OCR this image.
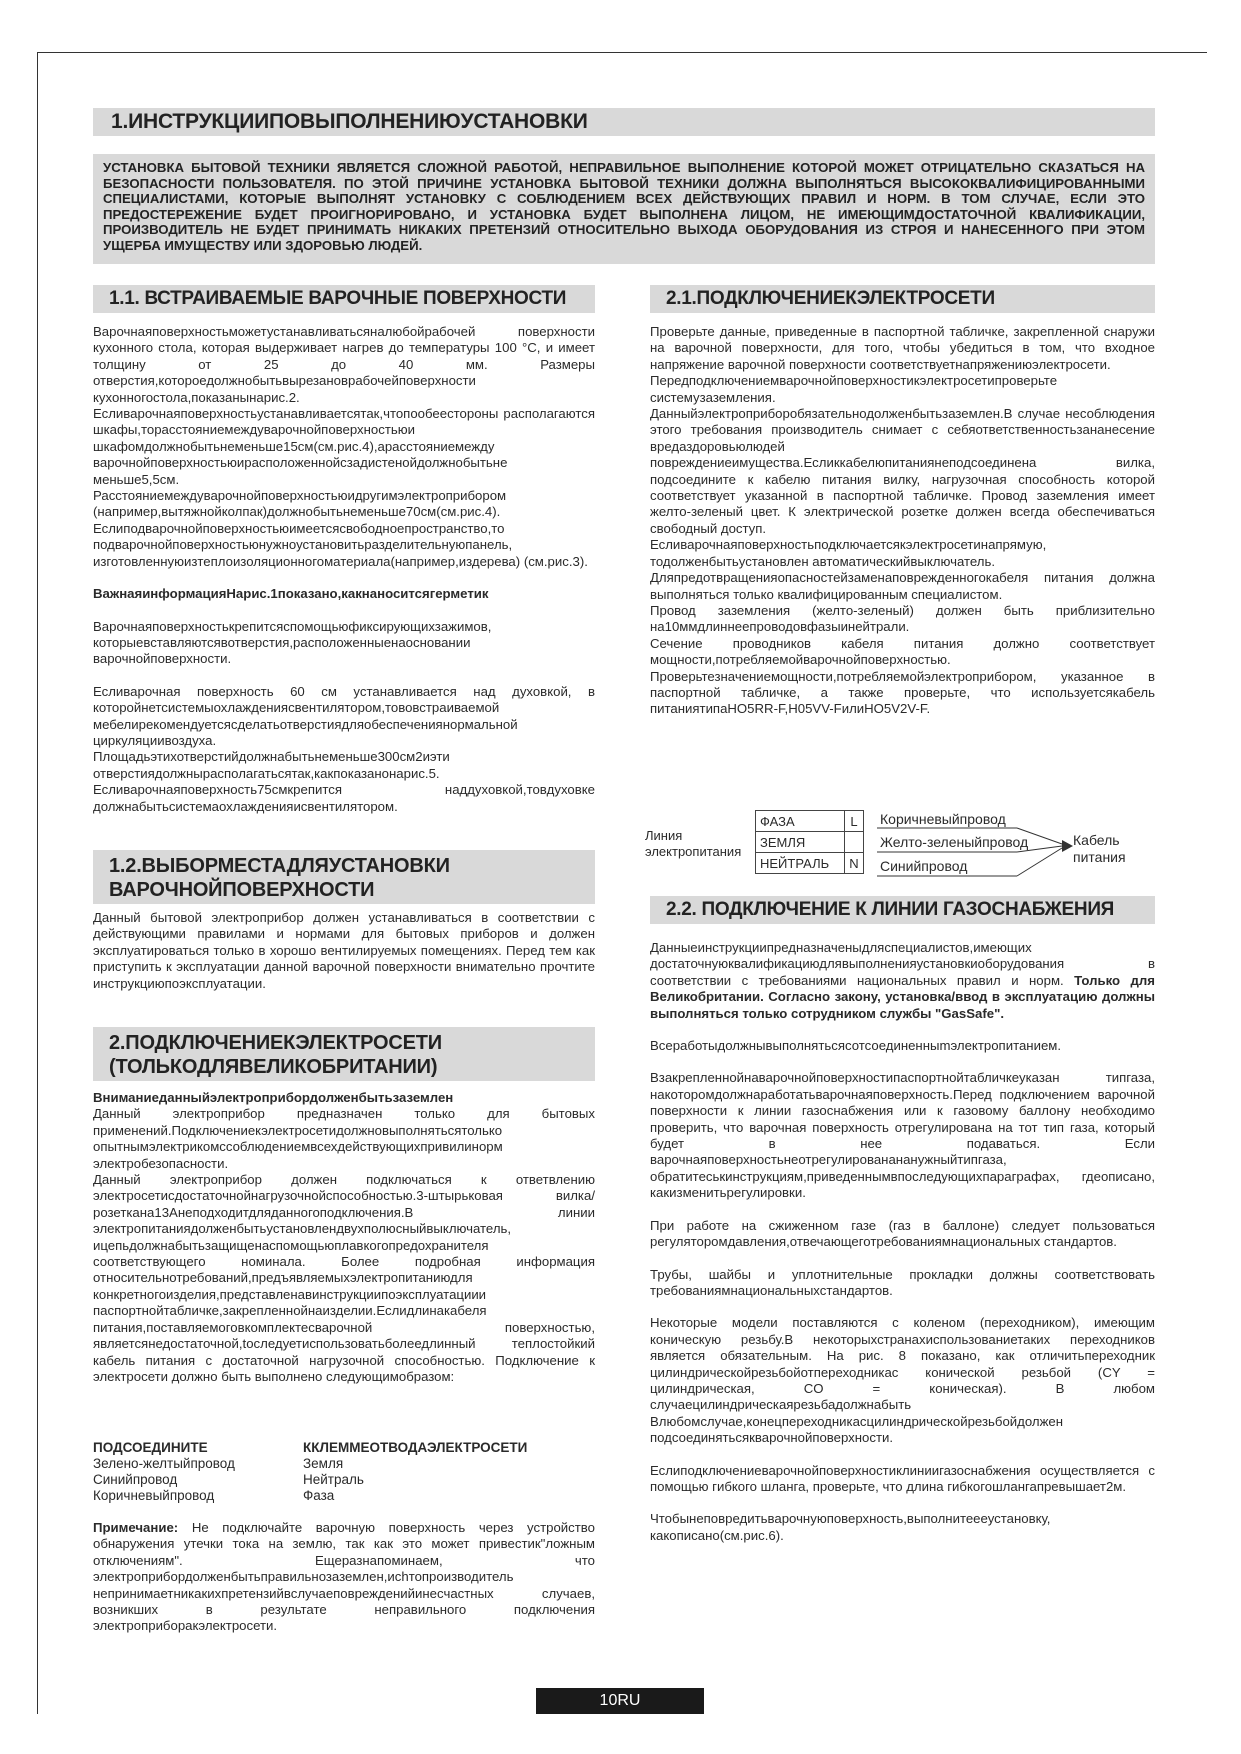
1.ИНСТРУКЦИИПОВЫПОЛНЕНИЮУСТАНОВКИ

УСТАНОВКА БЫТОВОЙ ТЕХНИКИ ЯВЛЯЕТСЯ СЛОЖНОЙ РАБОТОЙ, НЕПРАВИЛЬНОЕ ВЫПОЛНЕНИЕ КОТОРОЙ МОЖЕТ ОТРИЦАТЕЛЬНО СКАЗАТЬСЯ НА БЕЗОПАСНОСТИ ПОЛЬЗОВАТЕЛЯ. ПО ЭТОЙ ПРИЧИНЕ УСТАНОВКА БЫТОВОЙ ТЕХНИКИ ДОЛЖНА ВЫПОЛНЯТЬСЯ ВЫСОКОКВАЛИФИЦИРОВАННЫМИ СПЕЦИАЛИСТАМИ, КОТОРЫЕ ВЫПОЛНЯТ УСТАНОВКУ С СОБЛЮДЕНИЕМ ВСЕХ ДЕЙСТВУЮЩИХ ПРАВИЛ И НОРМ. В ТОМ СЛУЧАЕ, ЕСЛИ ЭТО ПРЕДОСТЕРЕЖЕНИЕ БУДЕТ ПРОИГНОРИРОВАНО, И УСТАНОВКА БУДЕТ ВЫПОЛНЕНА ЛИЦОМ, НЕ ИМЕЮЩИМДОСТАТОЧНОЙ КВАЛИФИКАЦИИ, ПРОИЗВОДИТЕЛЬ НЕ БУДЕТ ПРИНИМАТЬ НИКАКИХ ПРЕТЕНЗИЙ ОТНОСИТЕЛЬНО ВЫХОДА ОБОРУДОВАНИЯ ИЗ СТРОЯ И НАНЕСЕННОГО ПРИ ЭТОМ УЩЕРБА ИМУЩЕСТВУ ИЛИ ЗДОРОВЬЮ ЛЮДЕЙ.

1.1. ВСТРАИВАЕМЫЕ ВАРОЧНЫЕ ПОВЕРХНОСТИ

Варочнаяповерхностьможетустанавливатьсяналюбойрабочей поверхности кухонного стола, которая выдерживает нагрев до температуры 100 °С, и имеет толщину от 25 до 40 мм. Размеры отверстия,котороедолжнобытьвырезановрабочейповерхности кухонногостола,показанынарис.2.

Есливарочнаяповерхностьустанавливаетсятак,чтопообеестороны располагаются шкафы,торасстояниемеждуварочнойповерхностьюи шкафомдолжнобытьнеменьше15см(см.рис.4),арасстояниемежду варочнойповерхностьюирасположеннойсзадистенойдолжнобытьне меньше5,5см.

Расстояниемеждуварочнойповерхностьюидругимэлектроприбором (например,вытяжнойколпак)должнобытьнеменьше70см(см.рис.4).

Еслиподварочнойповерхностьюимеетсясвободноепространство,то подварочнойповерхностьюнужноустановитьразделительнуюпанель, изготовленнуюизтеплоизоляционногоматериала(например,издерева) (см.рис.3).

ВажнаяинформацияНарис.1показано,какнаноситсягерметик

Варочнаяповерхностькрепитсяспомощьюфиксирующихзажимов, которыевставляютсявотверстия,расположенныенаосновании варочнойповерхности.

Есливарочная поверхность 60 см устанавливается над духовкой, в которойнетсистемыохлаждениясвентилятором,тововстраиваемой мебелирекомендуетсясделатьотверстиядляобеспечениянормальной циркуляциивоздуха.

Площадьэтихотверстийдолжнабытьнеменьше300см2иэти отверстиядолжнырасполагатьсятак,какпоказанонарис.5.

Есливарочнаяповерхность75смкрепится наддуховкой,товдуховке должнабытьсистемаохлажденияисвентилятором.

1.2.ВЫБОРМЕСТАДЛЯУСТАНОВКИ
ВАРОЧНОЙПОВЕРХНОСТИ

Данный бытовой электроприбор должен устанавливаться в соответствии с действующими правилами и нормами для бытовых приборов и должен эксплуатироваться только в хорошо вентилируемых помещениях. Перед тем как приступить к эксплуатации данной варочной поверхности внимательно прочтите инструкциюпоэксплуатации.

2.ПОДКЛЮЧЕНИЕКЭЛЕКТРОСЕТИ
(ТОЛЬКОДЛЯВЕЛИКОБРИТАНИИ)

Вниманиеданныйэлектроприбордолженбытьзаземлен

Данный электроприбор предназначен только для бытовых применений.Подключениекэлектросетидолжновыполнятьсятолько опытнымэлектрикомссоблюдениемвсехдействующихпривилинорм электробезопасности.

Данный электроприбор должен подключаться к ответвлению электросетисдостаточнойнагрузочнойспособностью.3-штырьковая вилка/розеткана13Анеподходитдляданногоподключения.В линии электропитаниядолженбытьустановлендвухполюсныйвыключатель, ицепьдолжнабытьзащищенаспомощьюплавкогопредохранителя соответствующего номинала. Более подробная информация относительнотребований,предъявляемыхэлектропитаниюдля конкретногоизделия,представленавинструкциипоэксплуатациии паспортнойтабличке,закрепленнойнаизделии.Еслидлинакабеля питания,поставляемоговкомплектесварочной поверхностью, являетсянедостаточной,tоследуетиспользоватьболеедлинный теплостойкий кабель питания с достаточной нагрузочной способностью. Подключение к электросети должно быть выполнено следующимобразом:

ПОДСОЕДИНИТЕ	ККЛЕММЕОТВОДАЭЛЕКТРОСЕТИ
Зелено-желтыйпровод	Земля
Синийпровод	Нейтраль
Коричневыйпровод	Фаза

Примечание: Не подключайте варочную поверхность через устройство обнаружения утечки тока на землю, так как это может привестик"ложным отключениям". Ещеразнапоминаем, что электроприбордолженбытьправильнозаземлен,иchтопроизводитель непринимаетникакихпретензийвслучаеповрежденийинесчастных случаев, возникших в результате неправильного подключения электроприборакэлектросети.

2.1.ПОДКЛЮЧЕНИЕКЭЛЕКТРОСЕТИ

Проверьте данные, приведенные в паспортной табличке, закрепленной снаружи на варочной поверхности, для того, чтобы убедиться в том, что входное напряжение варочной поверхности соответствуетнапряжениюэлектросети.

Передподключениемварочнойповерхностикэлектросетипроверьте системузаземления.

Данныйэлектроприборобязательнодолженбытьзаземлен.В случае несоблюдения этого требования производитель снимает с себяответственностьзананесение вредаздоровьюлюдей повреждениеимущества.Есликкабелюпитаниянеподсоединена вилка, подсоедините к кабелю питания вилку, нагрузочная способность которой соответствует указанной в паспортной табличке. Провод заземления имеет желто-зеленый цвет. К электрической розетке должен всегда обеспечиваться свободный доступ.

Есливарочнаяповерхностьподключаетсякэлектросетинапрямую, тодолженбытьустановлен автоматическийвыключатель.

Дляпредотвращенияопасностейзаменаповрежденногокабеля питания должна выполняться только квалифицированным специалистом.

Провод заземления (желто-зеленый) должен быть приблизительно на10ммдлиннеепроводовфазыинейтрали.

Сечение проводников кабеля питания должно соответствует мощности,потребляемойварочнойповерхностью.

Проверьтезначениемощности,потребляемойэлектроприбором, указанное в паспортной табличке, а также проверьте, что используетсякабель питаниятипаHO5RR-F,H05VV-FилиHO5V2V-F.

Линия
электропитания
ФАЗА	L
ЗЕМЛЯ	
НЕЙТРАЛЬ	N
Коричневыйпровод
Желто-зеленыйпровод
Синийпровод
Кабель
питания
2.2. ПОДКЛЮЧЕНИЕ К ЛИНИИ ГАЗОСНАБЖЕНИЯ

Данныеинструкциипредназначеныдляспециалистов,имеющих достаточнуюквалификациюдлявыполненияустановкиоборудования в соответствии с требованиями национальных правил и норм. Только для Великобритании. Согласно закону, установка/ввод в эксплуатацию должны выполняться только сотрудником службы "GasSafe".

Всеработыдолжнывыполнятьсясотсоединенныmэлектропитанием.

Взакрепленнойнаварочнойповерхностипаспортнойтабличкеуказан типгаза, накоторомдолжнаработатьварочнаяповерхность.Перед подключением варочной поверхности к линии газоснабжения или к газовому баллону необходимо проверить, что варочная поверхность отрегулирована на тот тип газа, который будет в нее подаваться. Если варочнаяповерхностьнеотрегулированананужныйтипгаза, обратитеськинструкциям,приведеннымвпоследующихпараграфах, гдеописано, какизменитьрегулировки.

При работе на сжиженном газе (газ в баллоне) следует пользоваться регуляторомдавления,отвечающеготребованиямнациональных стандартов.

Трубы, шайбы и уплотнительные прокладки должны соответствовать требованиямнациональныхстандартов.

Некоторые модели поставляются с коленом (переходником), имеющим коническую резьбу.В некоторыхстранахиспользованиетаких переходников является обязательным. На рис. 8 показано, как отличитьпереходник цилиндрическойрезьбойотпереходникас конической резьбой (CY = цилиндрическая, CO = коническая). В любом случаецилиндрическаярезьбадолжнабыть Влюбомслучае,конецпереходникасцилиндрическойрезьбойдолжен подсоединятьсякварочнойповерхности.

Еслиподключениеварочнойповерхностиклиниигазоснабжения осуществляется с помощью гибкого шланга, проверьте, что длина гибкогошлангапревышает2м.

Чтобынеповредитьварочнуюповерхность,выполнитеееустановку, какописано(см.рис.6).

10RU
